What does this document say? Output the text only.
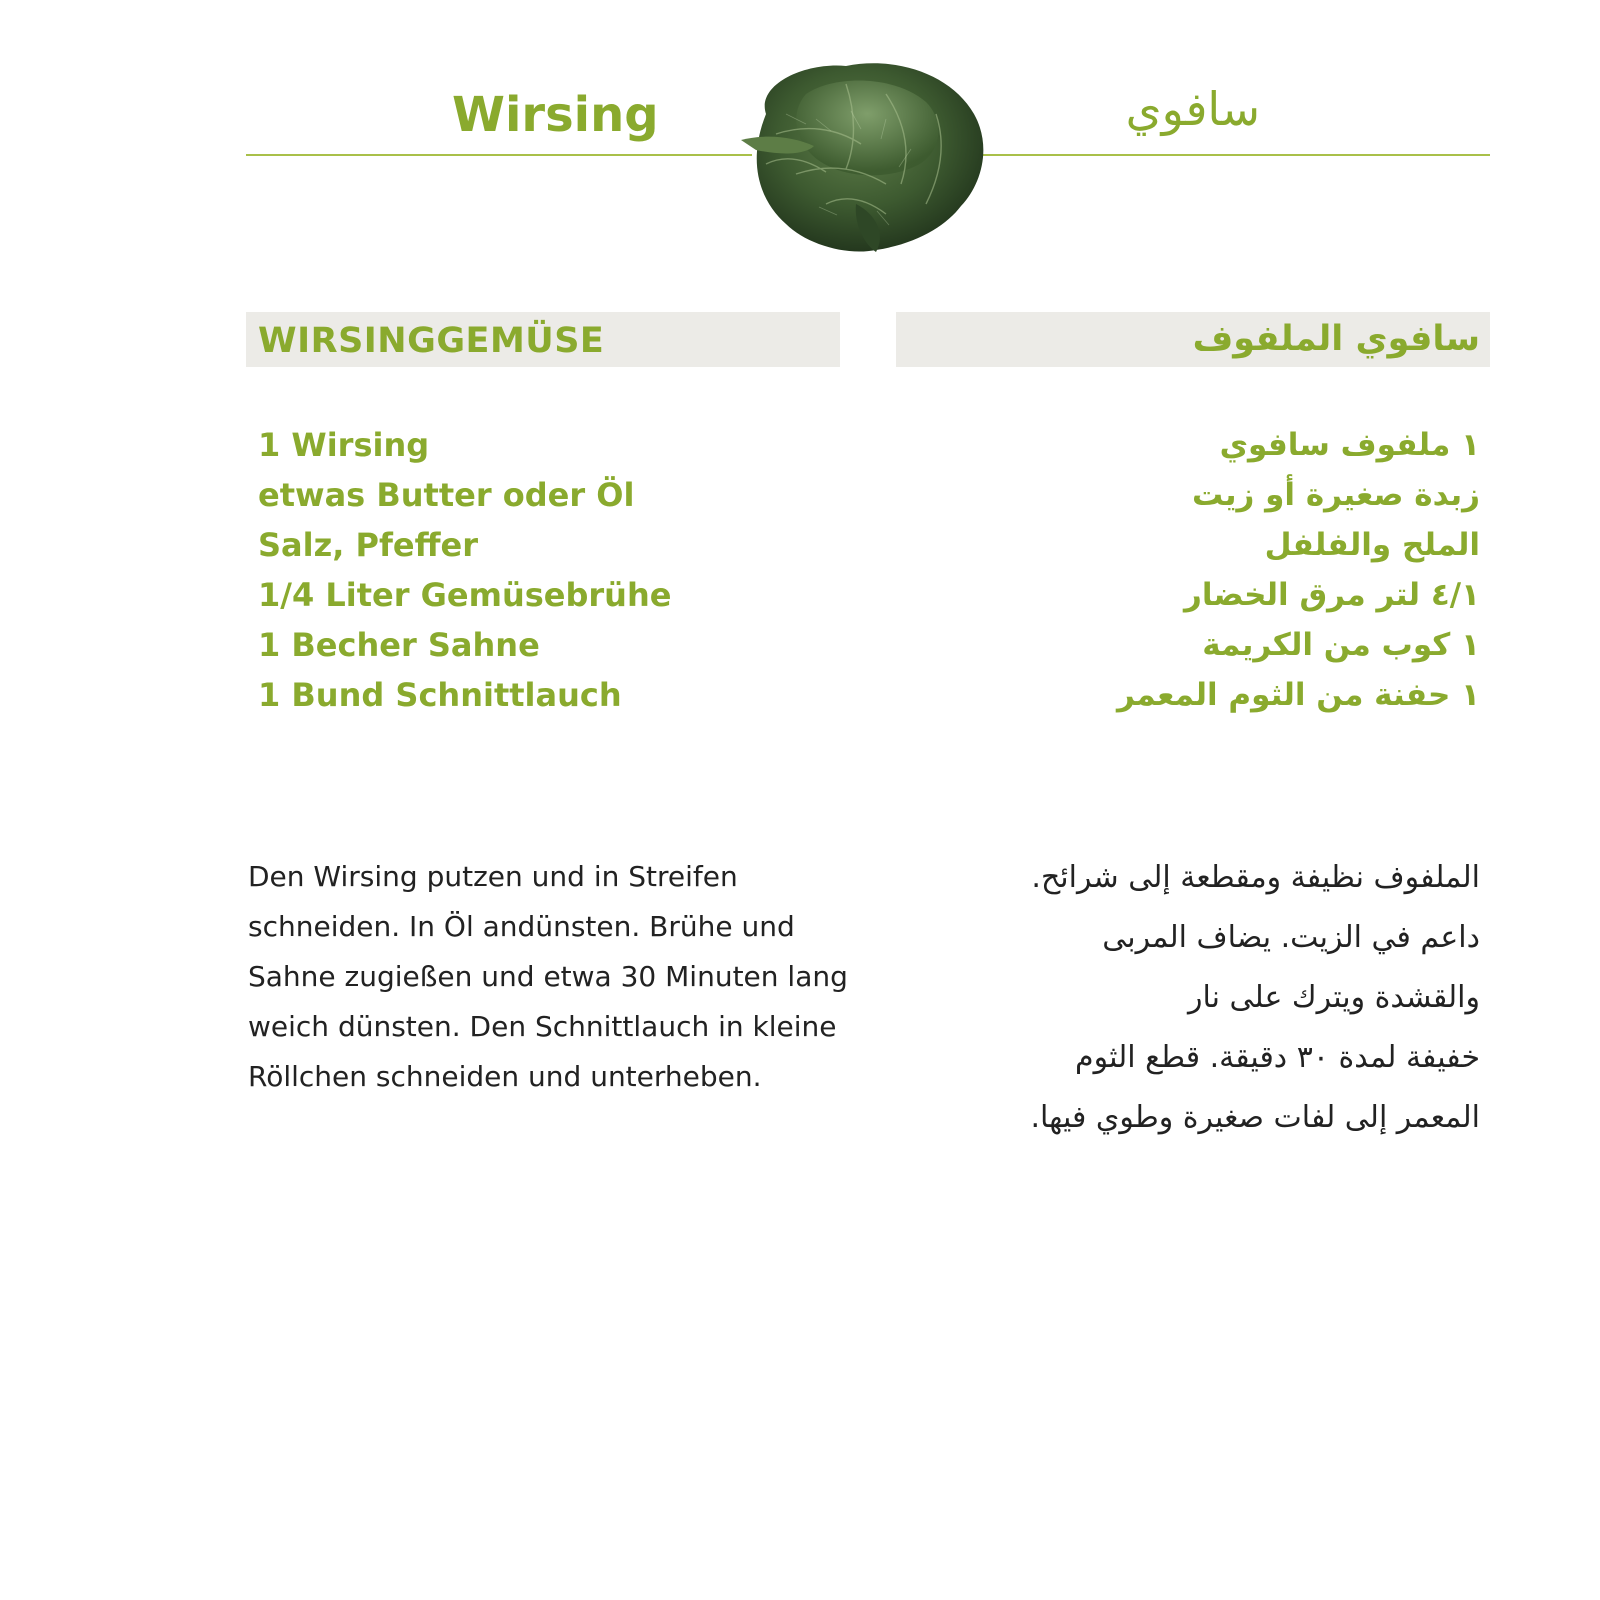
Wirsing	سافوي
WIRSINGGEMÜSE	سافوي الملفوف
1 Wirsing
etwas Butter oder Öl
Salz, Pfeffer
1/4 Liter Gemüsebrühe
1 Becher Sahne
1 Bund Schnittlauch
١ ملفوف سافوي
زبدة صغيرة أو زيت
الملح والفلفل
٤/١ لتر مرق الخضار
١ كوب من الكريمة
١ حفنة من الثوم المعمر

Den Wirsing putzen und in Streifen schneiden. In Öl andünsten. Brühe und Sahne zugießen und etwa 30 Minuten lang weich dünsten. Den Schnittlauch in kleine Röllchen schneiden und unterheben.

الملفوف نظيفة ومقطعة إلى شرائح.
داعم في الزيت. يضاف المربى
والقشدة ويترك على نار
خفيفة لمدة ٣٠ دقيقة. قطع الثوم
المعمر إلى لفات صغيرة وطوي فيها.
